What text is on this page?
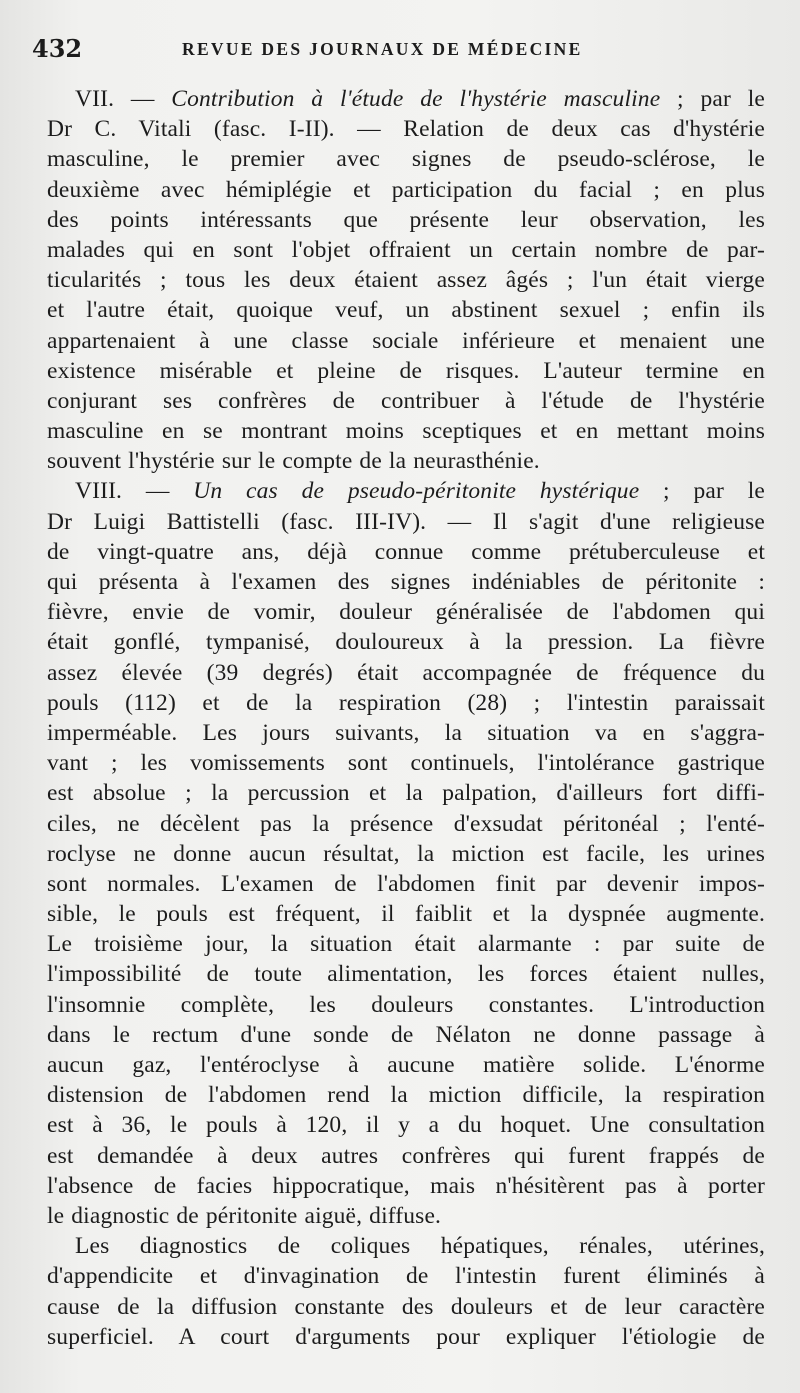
432	REVUE DES JOURNAUX DE MÉDECINE
VII. — Contribution à l'étude de l'hystérie masculine ; par le
Dr C. Vitali (fasc. I-II). — Relation de deux cas d'hystérie
masculine, le premier avec signes de pseudo-sclérose, le
deuxième avec hémiplégie et participation du facial ; en plus
des points intéressants que présente leur observation, les
malades qui en sont l'objet offraient un certain nombre de par-
ticularités ; tous les deux étaient assez âgés ; l'un était vierge
et l'autre était, quoique veuf, un abstinent sexuel ; enfin ils
appartenaient à une classe sociale inférieure et menaient une
existence misérable et pleine de risques. L'auteur termine en
conjurant ses confrères de contribuer à l'étude de l'hystérie
masculine en se montrant moins sceptiques et en mettant moins
souvent l'hystérie sur le compte de la neurasthénie.
VIII. — Un cas de pseudo-péritonite hystérique ; par le
Dr Luigi Battistelli (fasc. III-IV). — Il s'agit d'une religieuse
de vingt-quatre ans, déjà connue comme prétuberculeuse et
qui présenta à l'examen des signes indéniables de péritonite :
fièvre, envie de vomir, douleur généralisée de l'abdomen qui
était gonflé, tympanisé, douloureux à la pression. La fièvre
assez élevée (39 degrés) était accompagnée de fréquence du
pouls (112) et de la respiration (28) ; l'intestin paraissait
imperméable. Les jours suivants, la situation va en s'aggra-
vant ; les vomissements sont continuels, l'intolérance gastrique
est absolue ; la percussion et la palpation, d'ailleurs fort diffi-
ciles, ne décèlent pas la présence d'exsudat péritonéal ; l'enté-
roclyse ne donne aucun résultat, la miction est facile, les urines
sont normales. L'examen de l'abdomen finit par devenir impos-
sible, le pouls est fréquent, il faiblit et la dyspnée augmente.
Le troisième jour, la situation était alarmante : par suite de
l'impossibilité de toute alimentation, les forces étaient nulles,
l'insomnie complète, les douleurs constantes. L'introduction
dans le rectum d'une sonde de Nélaton ne donne passage à
aucun gaz, l'entéroclyse à aucune matière solide. L'énorme
distension de l'abdomen rend la miction difficile, la respiration
est à 36, le pouls à 120, il y a du hoquet. Une consultation
est demandée à deux autres confrères qui furent frappés de
l'absence de facies hippocratique, mais n'hésitèrent pas à porter
le diagnostic de péritonite aiguë, diffuse.
Les diagnostics de coliques hépatiques, rénales, utérines,
d'appendicite et d'invagination de l'intestin furent éliminés à
cause de la diffusion constante des douleurs et de leur caractère
superficiel. A court d'arguments pour expliquer l'étiologie de
